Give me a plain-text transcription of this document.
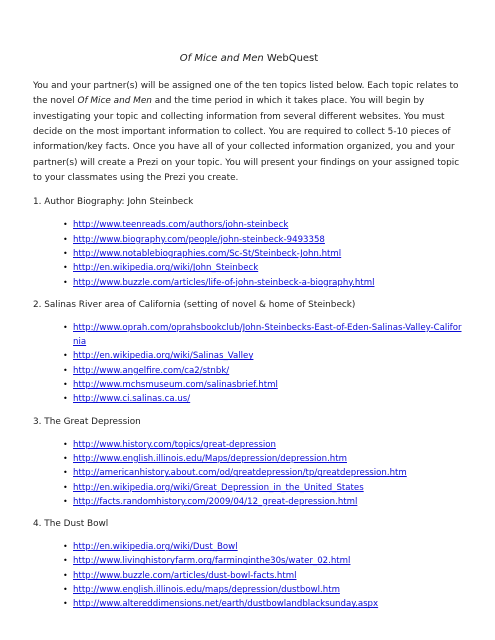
Of Mice and Men WebQuest

You and your partner(s) will be assigned one of the ten topics listed below. Each topic relates to the novel Of Mice and Men and the time period in which it takes place. You will begin by investigating your topic and collecting information from several different websites. You must decide on the most important information to collect. You are required to collect 5-10 pieces of information/key facts. Once you have all of your collected information organized, you and your partner(s) will create a Prezi on your topic. You will present your findings on your assigned topic to your classmates using the Prezi you create.

1. Author Biography: John Steinbeck
• http://www.teenreads.com/authors/john-steinbeck
• http://www.biography.com/people/john-steinbeck-9493358
• http://www.notablebiographies.com/Sc-St/Steinbeck-John.html
• http://en.wikipedia.org/wiki/John_Steinbeck
• http://www.buzzle.com/articles/life-of-john-steinbeck-a-biography.html
2. Salinas River area of California (setting of novel & home of Steinbeck)
• http://www.oprah.com/oprahsbookclub/John-Steinbecks-East-of-Eden-Salinas-Valley-California
• http://en.wikipedia.org/wiki/Salinas_Valley
• http://www.angelfire.com/ca2/stnbk/
• http://www.mchsmuseum.com/salinasbrief.html
• http://www.ci.salinas.ca.us/
3. The Great Depression
• http://www.history.com/topics/great-depression
• http://www.english.illinois.edu/Maps/depression/depression.htm
• http://americanhistory.about.com/od/greatdepression/tp/greatdepression.htm
• http://en.wikipedia.org/wiki/Great_Depression_in_the_United_States
• http://facts.randomhistory.com/2009/04/12_great-depression.html
4. The Dust Bowl
• http://en.wikipedia.org/wiki/Dust_Bowl
• http://www.livinghistoryfarm.org/farminginthe30s/water_02.html
• http://www.buzzle.com/articles/dust-bowl-facts.html
• http://www.english.illinois.edu/maps/depression/dustbowl.htm
• http://www.altereddimensions.net/earth/dustbowlandblacksunday.aspx
